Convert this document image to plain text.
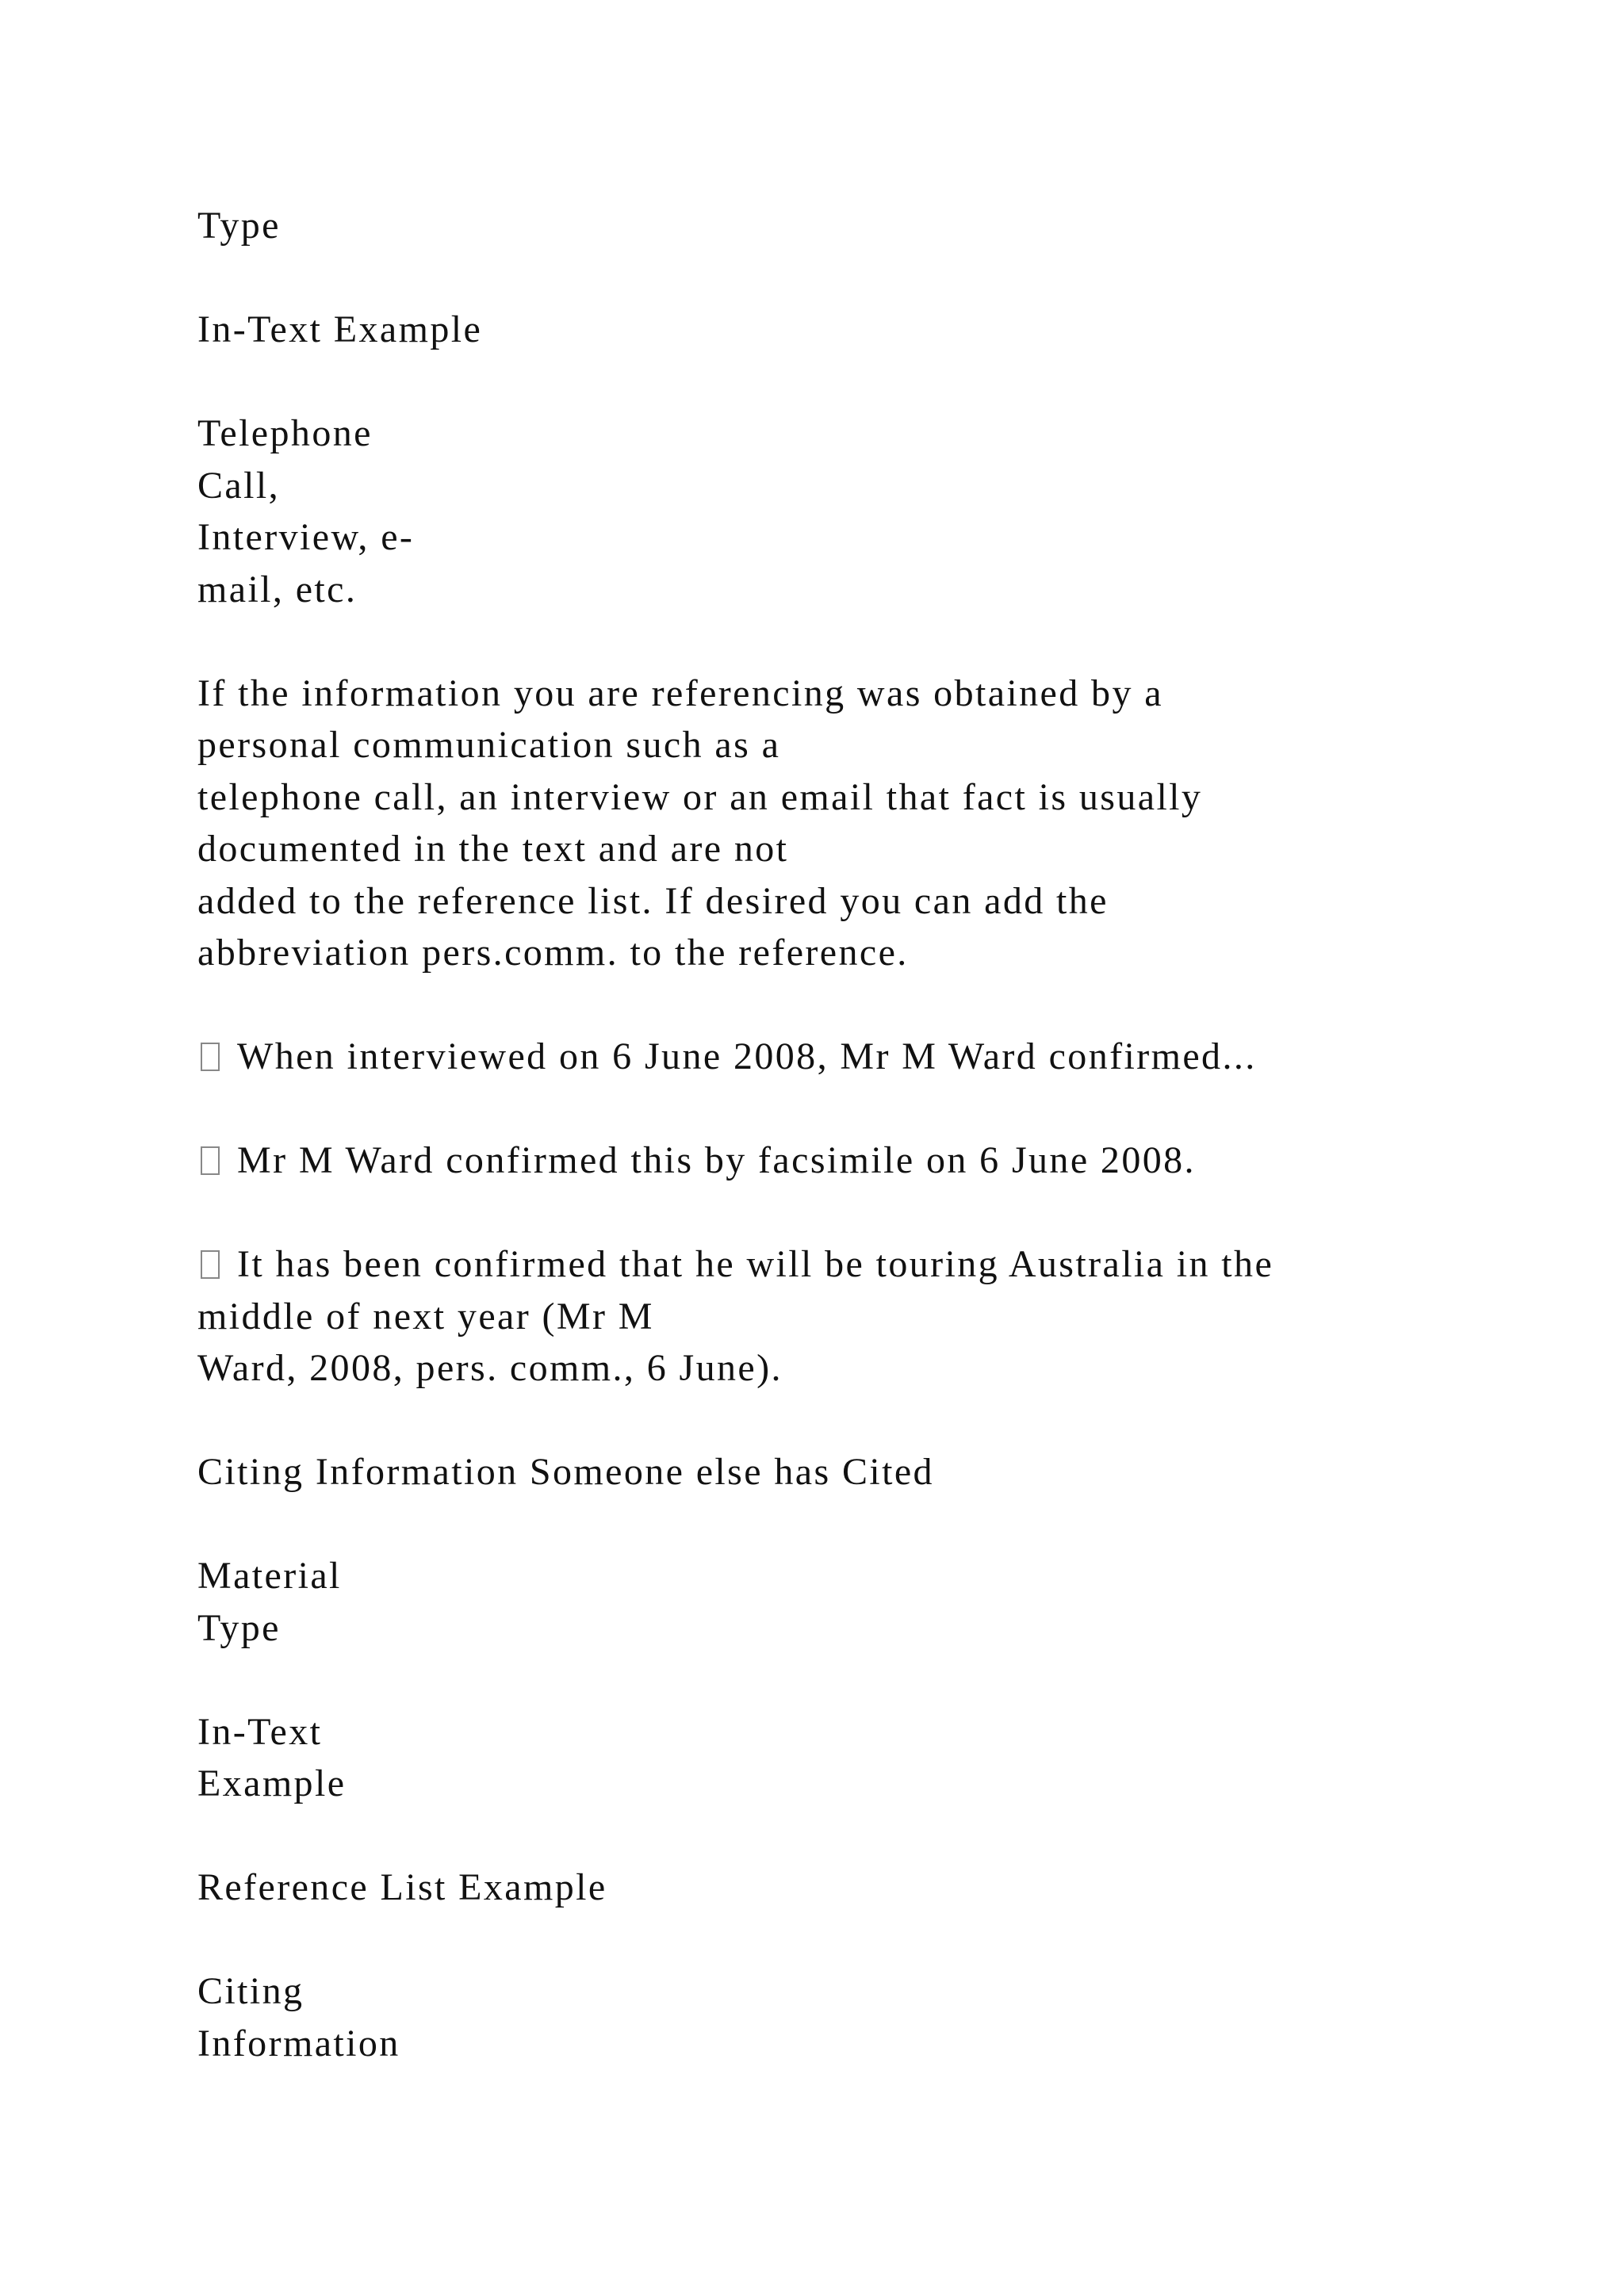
Type
In-Text Example
Telephone
Call,
Interview, e-
mail, etc.
If the information you are referencing was obtained by a
personal communication such as a
telephone call, an interview or an email that fact is usually
documented in the text and are not
added to the reference list. If desired you can add the
abbreviation pers.comm. to the reference.
When interviewed on 6 June 2008, Mr M Ward confirmed...
Mr M Ward confirmed this by facsimile on 6 June 2008.
It has been confirmed that he will be touring Australia in the
middle of next year (Mr M
Ward, 2008, pers. comm., 6 June).
Citing Information Someone else has Cited
Material
Type
In-Text
Example
Reference List Example
Citing
Information
